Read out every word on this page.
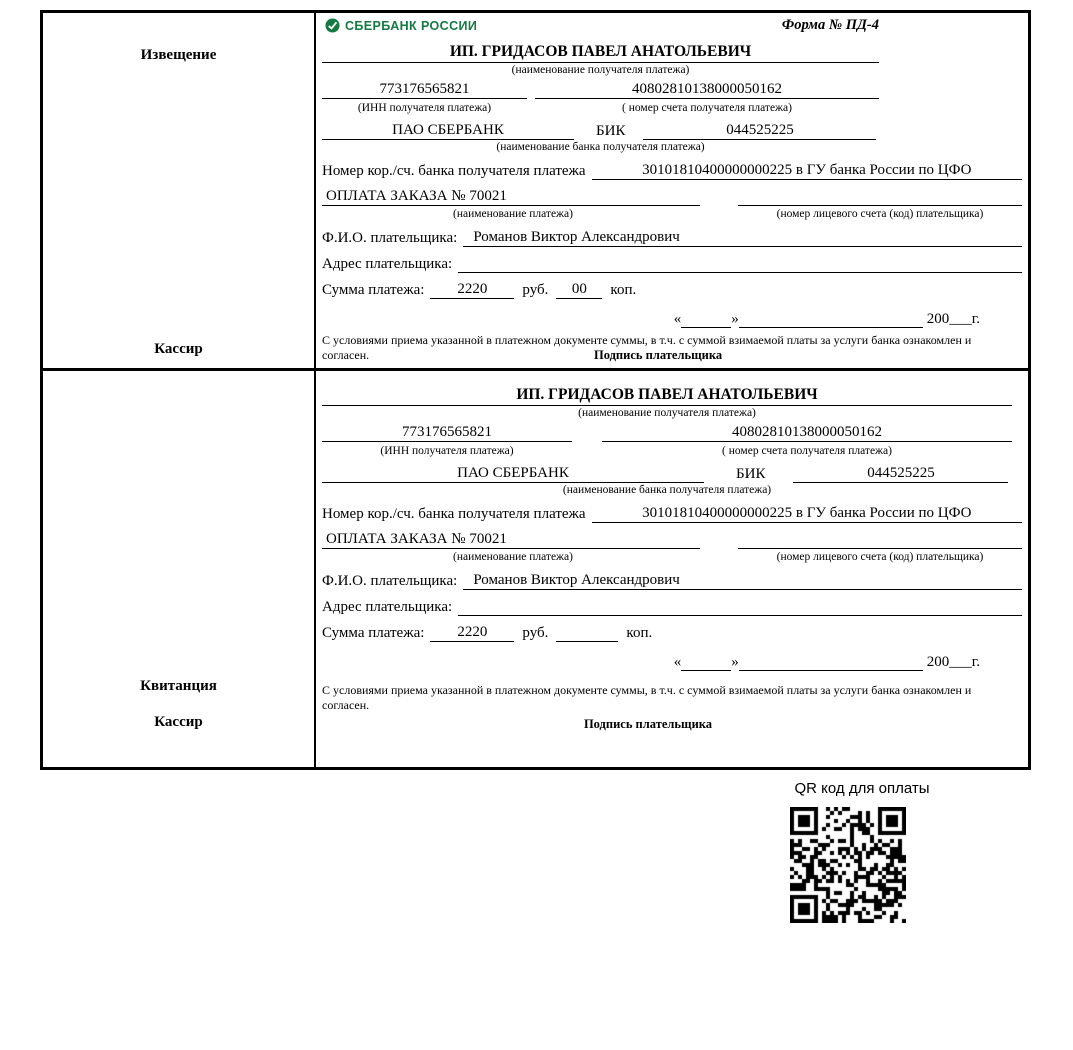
Извещение
Кассир
СБЕРБАНК РОССИИ	Форма № ПД-4
ИП. ГРИДАСОВ ПАВЕЛ АНАТОЛЬЕВИЧ
(наименование получателя платежа)
773176565821	40802810138000050162
(ИНН получателя платежа)	( номер счета получателя платежа)
ПАО СБЕРБАНК	БИК	044525225
(наименование банка получателя платежа)
Номер кор./сч. банка получателя платежа	30101810400000000225 в ГУ банка России по ЦФО
ОПЛАТА ЗАКАЗА № 70021
(наименование платежа)	(номер лицевого счета (код) плательщика)
Ф.И.О. плательщика:	Романов Виктор Александрович
Адрес плательщика:
Сумма платежа:	2220	руб.	00	коп.
«	»	200___г.
С условиями приема указанной в платежном документе суммы, в т.ч. с суммой взимаемой платы за услуги банка ознакомлен и согласен.	Подпись плательщика
Квитанция
Кассир
ИП. ГРИДАСОВ ПАВЕЛ АНАТОЛЬЕВИЧ
(наименование получателя платежа)
773176565821	40802810138000050162
(ИНН получателя платежа)	( номер счета получателя платежа)
ПАО СБЕРБАНК	БИК	044525225
(наименование банка получателя платежа)
Номер кор./сч. банка получателя платежа	30101810400000000225 в ГУ банка России по ЦФО
ОПЛАТА ЗАКАЗА № 70021
(наименование платежа)	(номер лицевого счета (код) плательщика)
Ф.И.О. плательщика:	Романов Виктор Александрович
Адрес плательщика:
Сумма платежа:	2220	руб.	коп.
«	»	200___г.
С условиями приема указанной в платежном документе суммы, в т.ч. с суммой взимаемой платы за услуги банка ознакомлен и согласен.
Подпись плательщика
QR код для оплаты
